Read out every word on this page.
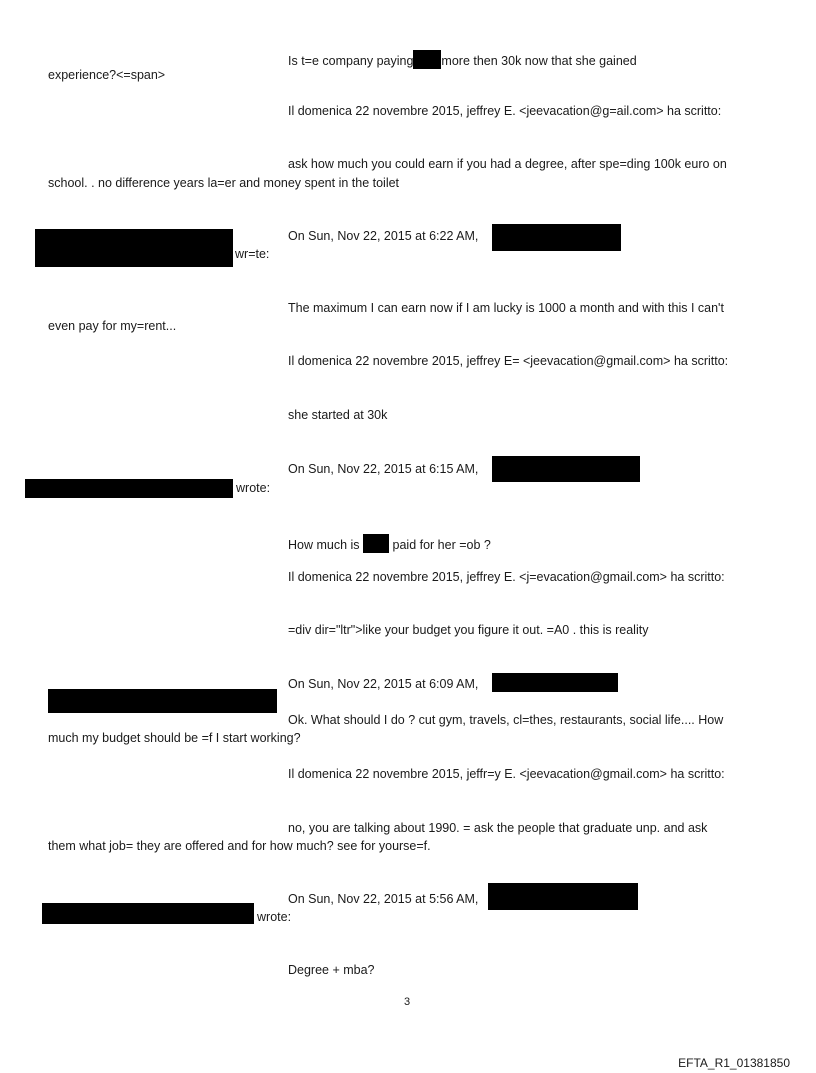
Is t=e company paying more then 30k now that she gained
experience?<=span>
Il domenica 22 novembre 2015, jeffrey E. <jeevacation@g=ail.com> ha scritto:
ask how much you could earn if you had a degree, after spe=ding 100k euro on
school. . no difference years la=er and money spent in the toilet
On Sun, Nov 22, 2015 at 6:22 AM,
wr=te:
The maximum I can earn now if I am lucky is 1000 a month and with this I can't
even pay for my=rent...
Il domenica 22 novembre 2015, jeffrey E= <jeevacation@gmail.com> ha scritto:
she started at 30k
On Sun, Nov 22, 2015 at 6:15 AM,
wrote:
How much is	paid for her =ob ?
Il domenica 22 novembre 2015, jeffrey E. <j=evacation@gmail.com> ha scritto:
=div dir="ltr">like your budget you figure it out. =A0 . this is reality
On Sun, Nov 22, 2015 at 6:09 AM,
Ok. What should I do ? cut gym, travels, cl=thes, restaurants, social life.... How
much my budget should be =f I start working?
Il domenica 22 novembre 2015, jeffr=y E. <jeevacation@gmail.com> ha scritto:
no, you are talking about 1990. = ask the people that graduate unp. and ask
them what job= they are offered and for how much? see for yourse=f.
On Sun, Nov 22, 2015 at 5:56 AM,
wrote:
Degree + mba?
3
EFTA_R1_01381850
